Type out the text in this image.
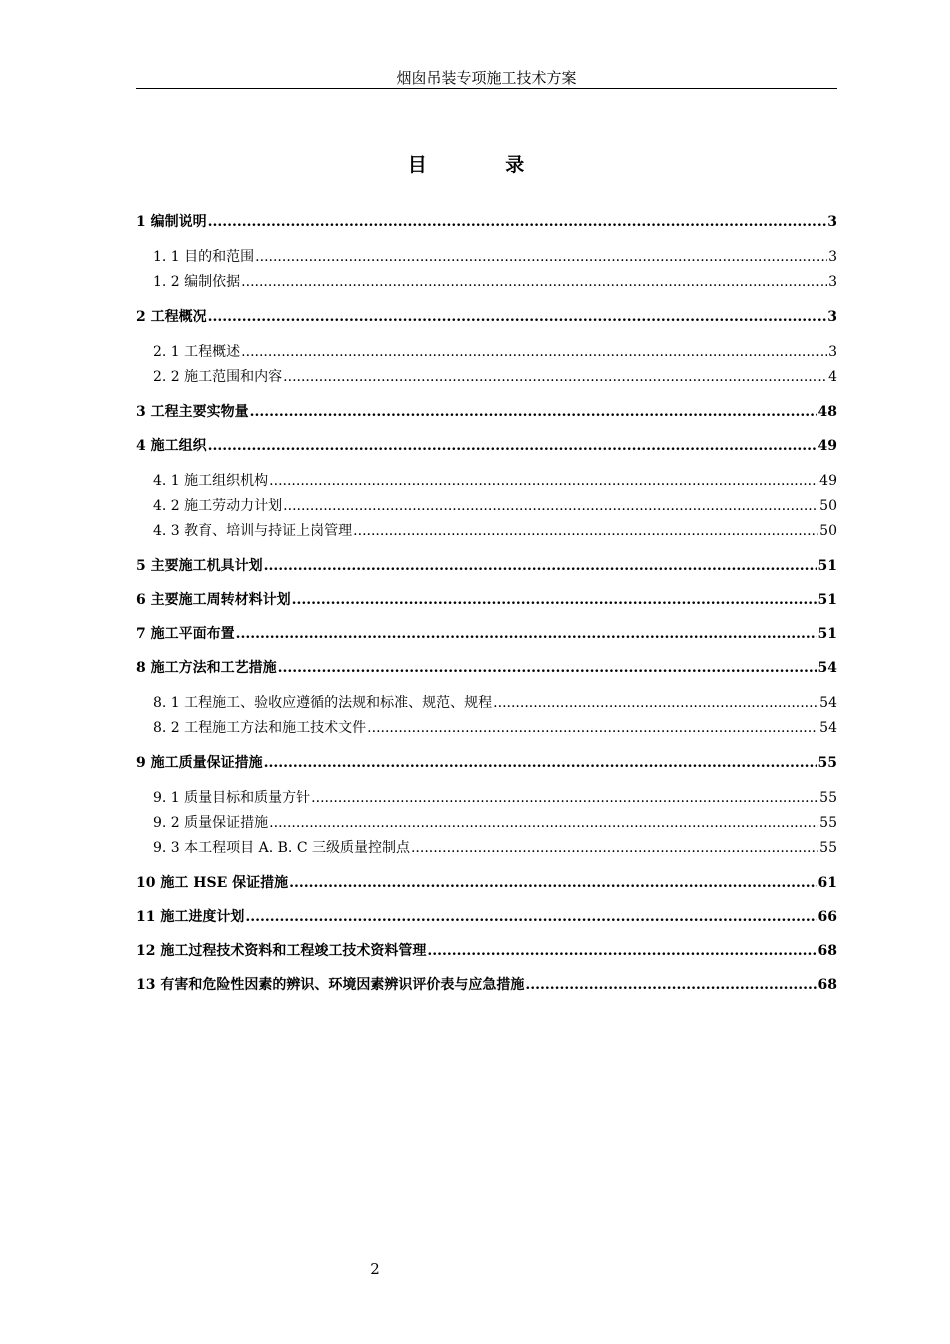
烟囱吊装专项施工技术方案
目 录
1 编制说明 .....	3
1. 1 目的和范围 .....	3
1. 2 编制依据 .....	3
2 工程概况 .....	3
2. 1 工程概述 .....	3
2. 2 施工范围和内容 .....	4
3 工程主要实物量 .....	48
4 施工组织 .....	49
4. 1 施工组织机构 .....	49
4. 2 施工劳动力计划 .....	50
4. 3 教育、培训与持证上岗管理 .....	50
5 主要施工机具计划 .....	51
6 主要施工周转材料计划 .....	51
7 施工平面布置 .....	51
8 施工方法和工艺措施 .....	54
8. 1 工程施工、验收应遵循的法规和标准、规范、规程 .....	54
8. 2 工程施工方法和施工技术文件 .....	54
9 施工质量保证措施 .....	55
9. 1 质量目标和质量方针 .....	55
9. 2 质量保证措施 .....	55
9. 3 本工程项目 A. B. C 三级质量控制点 .....	55
10 施工 HSE 保证措施 .....	61
11 施工进度计划 .....	66
12 施工过程技术资料和工程竣工技术资料管理 .....	68
13 有害和危险性因素的辨识、环境因素辨识评价表与应急措施 .....	68
2
